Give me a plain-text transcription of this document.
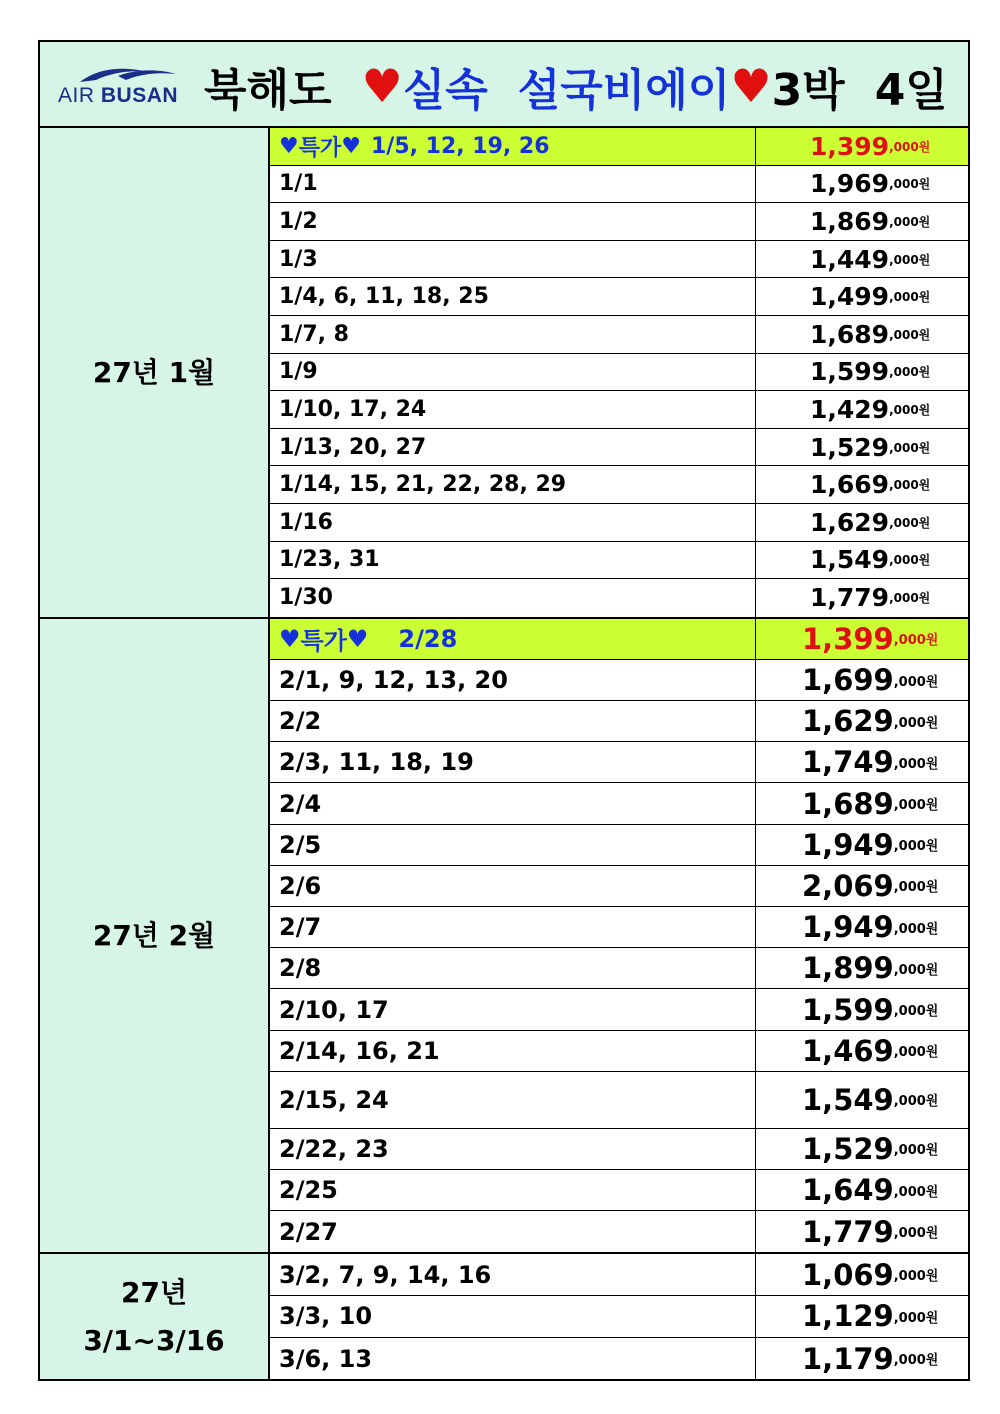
AIR BUSAN 북해도 ♥ 실속 설국비에이 ♥ 3박 4일
27년 1월
♥ 특가 ♥ 1/5, 12, 19, 26	1,399 ,000원
1/1	1,969 ,000원
1/2	1,869 ,000원
1/3	1,449 ,000원
1/4, 6, 11, 18, 25	1,499 ,000원
1/7, 8	1,689 ,000원
1/9	1,599 ,000원
1/10, 17, 24	1,429 ,000원
1/13, 20, 27	1,529 ,000원
1/14, 15, 21, 22, 28, 29	1,669 ,000원
1/16	1,629 ,000원
1/23, 31	1,549 ,000원
1/30	1,779 ,000원
27년 2월
♥ 특가 ♥ 2/28	1,399 ,000원
2/1, 9, 12, 13, 20	1,699 ,000원
2/2	1,629 ,000원
2/3, 11, 18, 19	1,749 ,000원
2/4	1,689 ,000원
2/5	1,949 ,000원
2/6	2,069 ,000원
2/7	1,949 ,000원
2/8	1,899 ,000원
2/10, 17	1,599 ,000원
2/14, 16, 21	1,469 ,000원
2/15, 24	1,549 ,000원
2/22, 23	1,529 ,000원
2/25	1,649 ,000원
2/27	1,779 ,000원
27년
3/1~3/16
3/2, 7, 9, 14, 16	1,069 ,000원
3/3, 10	1,129 ,000원
3/6, 13	1,179 ,000원
